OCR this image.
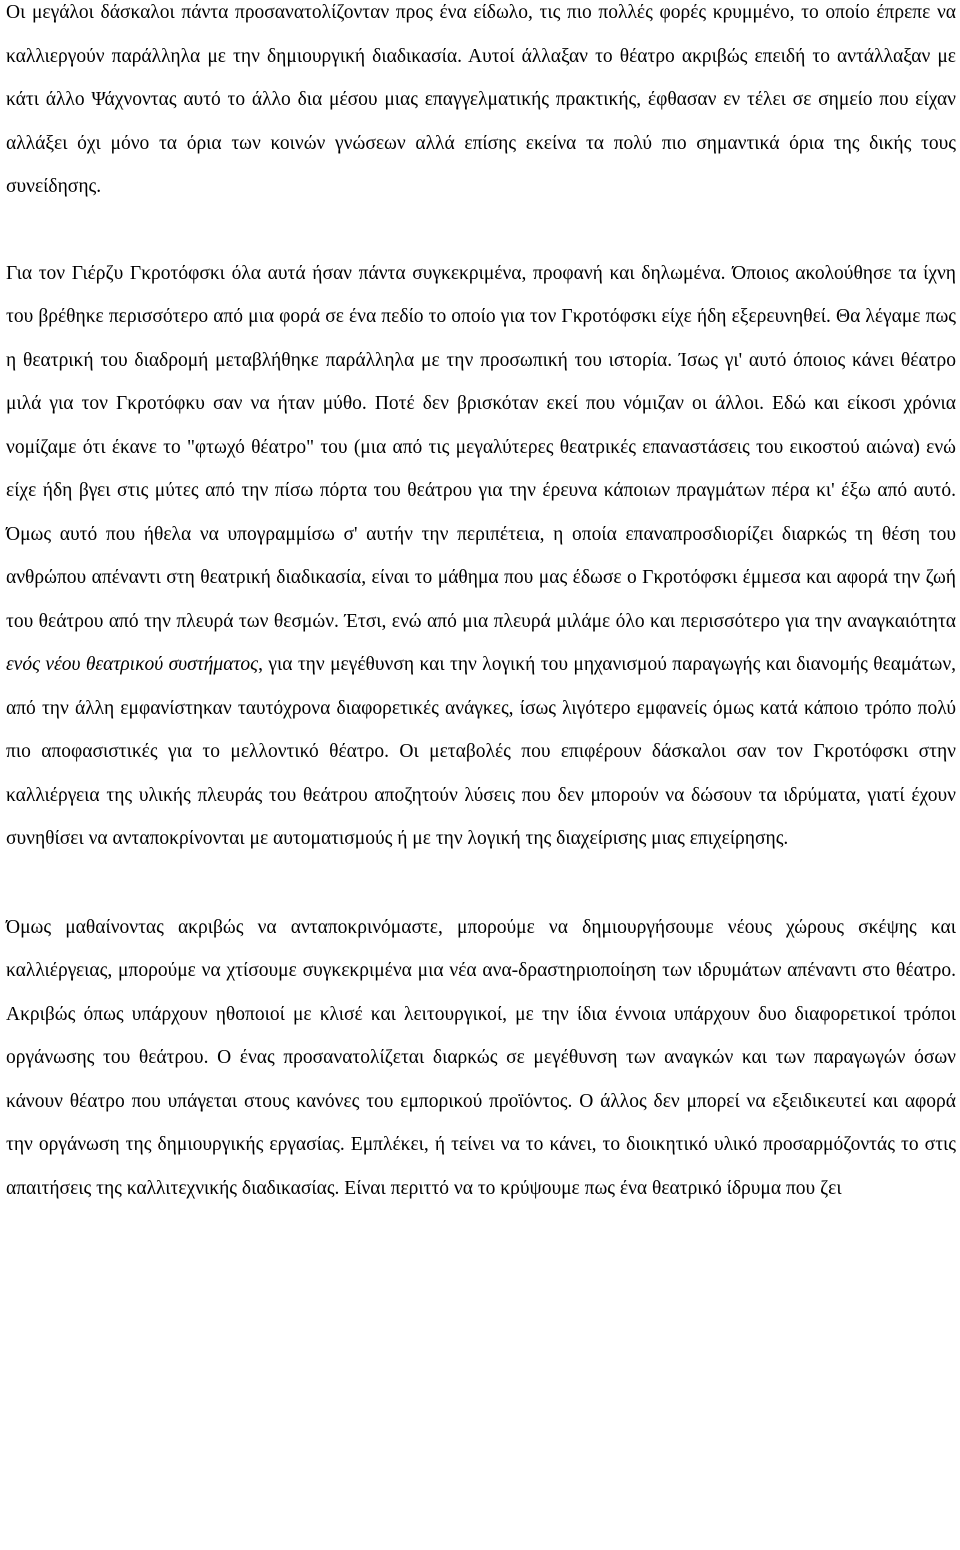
Οι μεγάλοι δάσκαλοι πάντα προσανατολίζονταν προς ένα είδωλο, τις πιο πολλές φορές κρυμμένο, το οποίο έπρεπε να καλλιεργούν παράλληλα με την δημιουργική διαδικασία. Αυτοί άλλαξαν το θέατρο ακριβώς επειδή το αντάλλαξαν με κάτι άλλο Ψάχνοντας αυτό το άλλο δια μέσου μιας επαγγελματικής πρακτικής, έφθασαν εν τέλει σε σημείο που είχαν αλλάξει όχι μόνο τα όρια των κοινών γνώσεων αλλά επίσης εκείνα τα πολύ πιο σημαντικά όρια της δικής τους συνείδησης.

Για τον Γιέρζυ Γκροτόφσκι όλα αυτά ήσαν πάντα συγκεκριμένα, προφανή και δηλωμένα. Όποιος ακολούθησε τα ίχνη του βρέθηκε περισσότερο από μια φορά σε ένα πεδίο το οποίο για τον Γκροτόφσκι είχε ήδη εξερευνηθεί. Θα λέγαμε πως η θεατρική του διαδρομή μεταβλήθηκε παράλληλα με την προσωπική του ιστορία. Ίσως γι' αυτό όποιος κάνει θέατρο μιλά για τον Γκροτόφκυ σαν να ήταν μύθο. Ποτέ δεν βρισκόταν εκεί που νόμιζαν οι άλλοι. Εδώ και είκοσι χρόνια νομίζαμε ότι έκανε το "φτωχό θέατρο" του (μια από τις μεγαλύτερες θεατρικές επαναστάσεις του εικοστού αιώνα) ενώ είχε ήδη βγει στις μύτες από την πίσω πόρτα του θεάτρου για την έρευνα κάποιων πραγμάτων πέρα κι' έξω από αυτό. Όμως αυτό που ήθελα να υπογραμμίσω σ' αυτήν την περιπέτεια, η οποία επαναπροσδιορίζει διαρκώς τη θέση του ανθρώπου απέναντι στη θεατρική διαδικασία, είναι το μάθημα που μας έδωσε ο Γκροτόφσκι έμμεσα και αφορά την ζωή του θεάτρου από την πλευρά των θεσμών. Έτσι, ενώ από μια πλευρά μιλάμε όλο και περισσότερο για την αναγκαιότητα ενός νέου θεατρικού συστήματος, για την μεγέθυνση και την λογική του μηχανισμού παραγωγής και διανομής θεαμάτων, από την άλλη εμφανίστηκαν ταυτόχρονα διαφορετικές ανάγκες, ίσως λιγότερο εμφανείς όμως κατά κάποιο τρόπο πολύ πιο αποφασιστικές για το μελλοντικό θέατρο. Οι μεταβολές που επιφέρουν δάσκαλοι σαν τον Γκροτόφσκι στην καλλιέργεια της υλικής πλευράς του θεάτρου αποζητούν λύσεις που δεν μπορούν να δώσουν τα ιδρύματα, γιατί έχουν συνηθίσει να ανταποκρίνονται με αυτοματισμούς ή με την λογική της διαχείρισης μιας επιχείρησης.

Όμως μαθαίνοντας ακριβώς να ανταποκρινόμαστε, μπορούμε να δημιουργήσουμε νέους χώρους σκέψης και καλλιέργειας, μπορούμε να χτίσουμε συγκεκριμένα μια νέα ανα-δραστηριοποίηση των ιδρυμάτων απέναντι στο θέατρο. Ακριβώς όπως υπάρχουν ηθοποιοί με κλισέ και λειτουργικοί, με την ίδια έννοια υπάρχουν δυο διαφορετικοί τρόποι οργάνωσης του θεάτρου. Ο ένας προσανατολίζεται διαρκώς σε μεγέθυνση των αναγκών και των παραγωγών όσων κάνουν θέατρο που υπάγεται στους κανόνες του εμπορικού προϊόντος. Ο άλλος δεν μπορεί να εξειδικευτεί και αφορά την οργάνωση της δημιουργικής εργασίας. Εμπλέκει, ή τείνει να το κάνει, το διοικητικό υλικό προσαρμόζοντάς το στις απαιτήσεις της καλλιτεχνικής διαδικασίας. Είναι περιττό να το κρύψουμε πως ένα θεατρικό ίδρυμα που ζει
